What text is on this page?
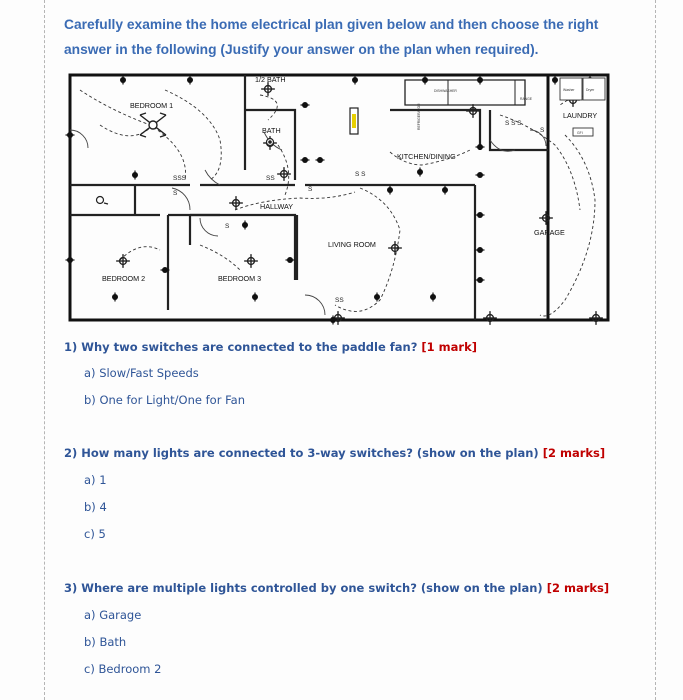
Carefully examine the home electrical plan given below and then choose the right answer in the following (Justify your answer on the plan when required).

1/2 BATH
BEDROOM 1
BATH
KITCHEN/DINING
LAUNDRY
HALLWAY
LIVING ROOM
GARAGE
BEDROOM 2	BEDROOM 3
S S S
S S
SS
SSS
SS
S
S
S
S
DISHWASHER
RANGE
Washer	Dryer
GFI
REFRIGERATOR
1) Why two switches are connected to the paddle fan? [1 mark]
a) Slow/Fast Speeds
b) One for Light/One for Fan
2) How many lights are connected to 3-way switches? (show on the plan) [2 marks]
a) 1
b) 4
c) 5
3) Where are multiple lights controlled by one switch? (show on the plan) [2 marks]
a) Garage
b) Bath
c) Bedroom 2
